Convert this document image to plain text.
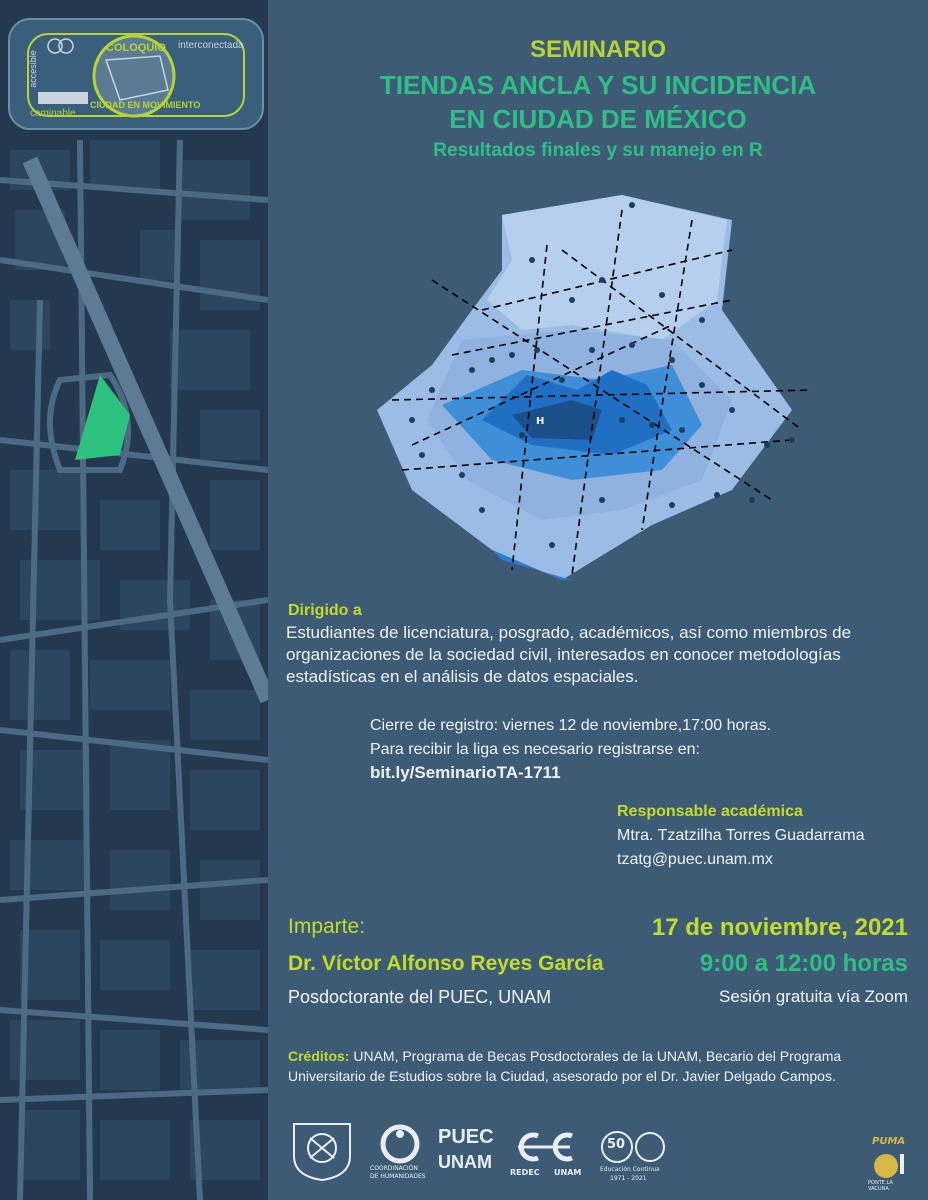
COLOQUIO
CIUDAD EN MOVIMIENTO
interconectada
accesible
caminable

SEMINARIO

TIENDAS ANCLA Y SU INCIDENCIA

EN CIUDAD DE MÉXICO

Resultados finales y su manejo en R

H

Dirigido a

Estudiantes de licenciatura, posgrado, académicos, así como miembros de

organizaciones de la sociedad civil, interesados en conocer metodologías

estadísticas en el análisis de datos espaciales.

Cierre de registro: viernes 12 de noviembre,17:00 horas.

Para recibir la liga es necesario registrarse en:

bit.ly/SeminarioTA-1711

Responsable académica

Mtra. Tzatzilha Torres Guadarrama

tzatg@puec.unam.mx

Imparte:

Dr. Víctor Alfonso Reyes García

Posdoctorante del PUEC, UNAM

17 de noviembre, 2021

9:00 a 12:00 horas

Sesión gratuita vía Zoom

Créditos: UNAM, Programa de Becas Posdoctorales de la UNAM, Becario del Programa

Universitario de Estudios sobre la Ciudad, asesorado por el Dr. Javier Delgado Campos.

COORDINACIÓN
DE HUMANIDADES
PUEC
UNAM
REDEC UNAM
50
Educación Continua
1971 - 2021
PUMA
PONTE LA VACUNA
